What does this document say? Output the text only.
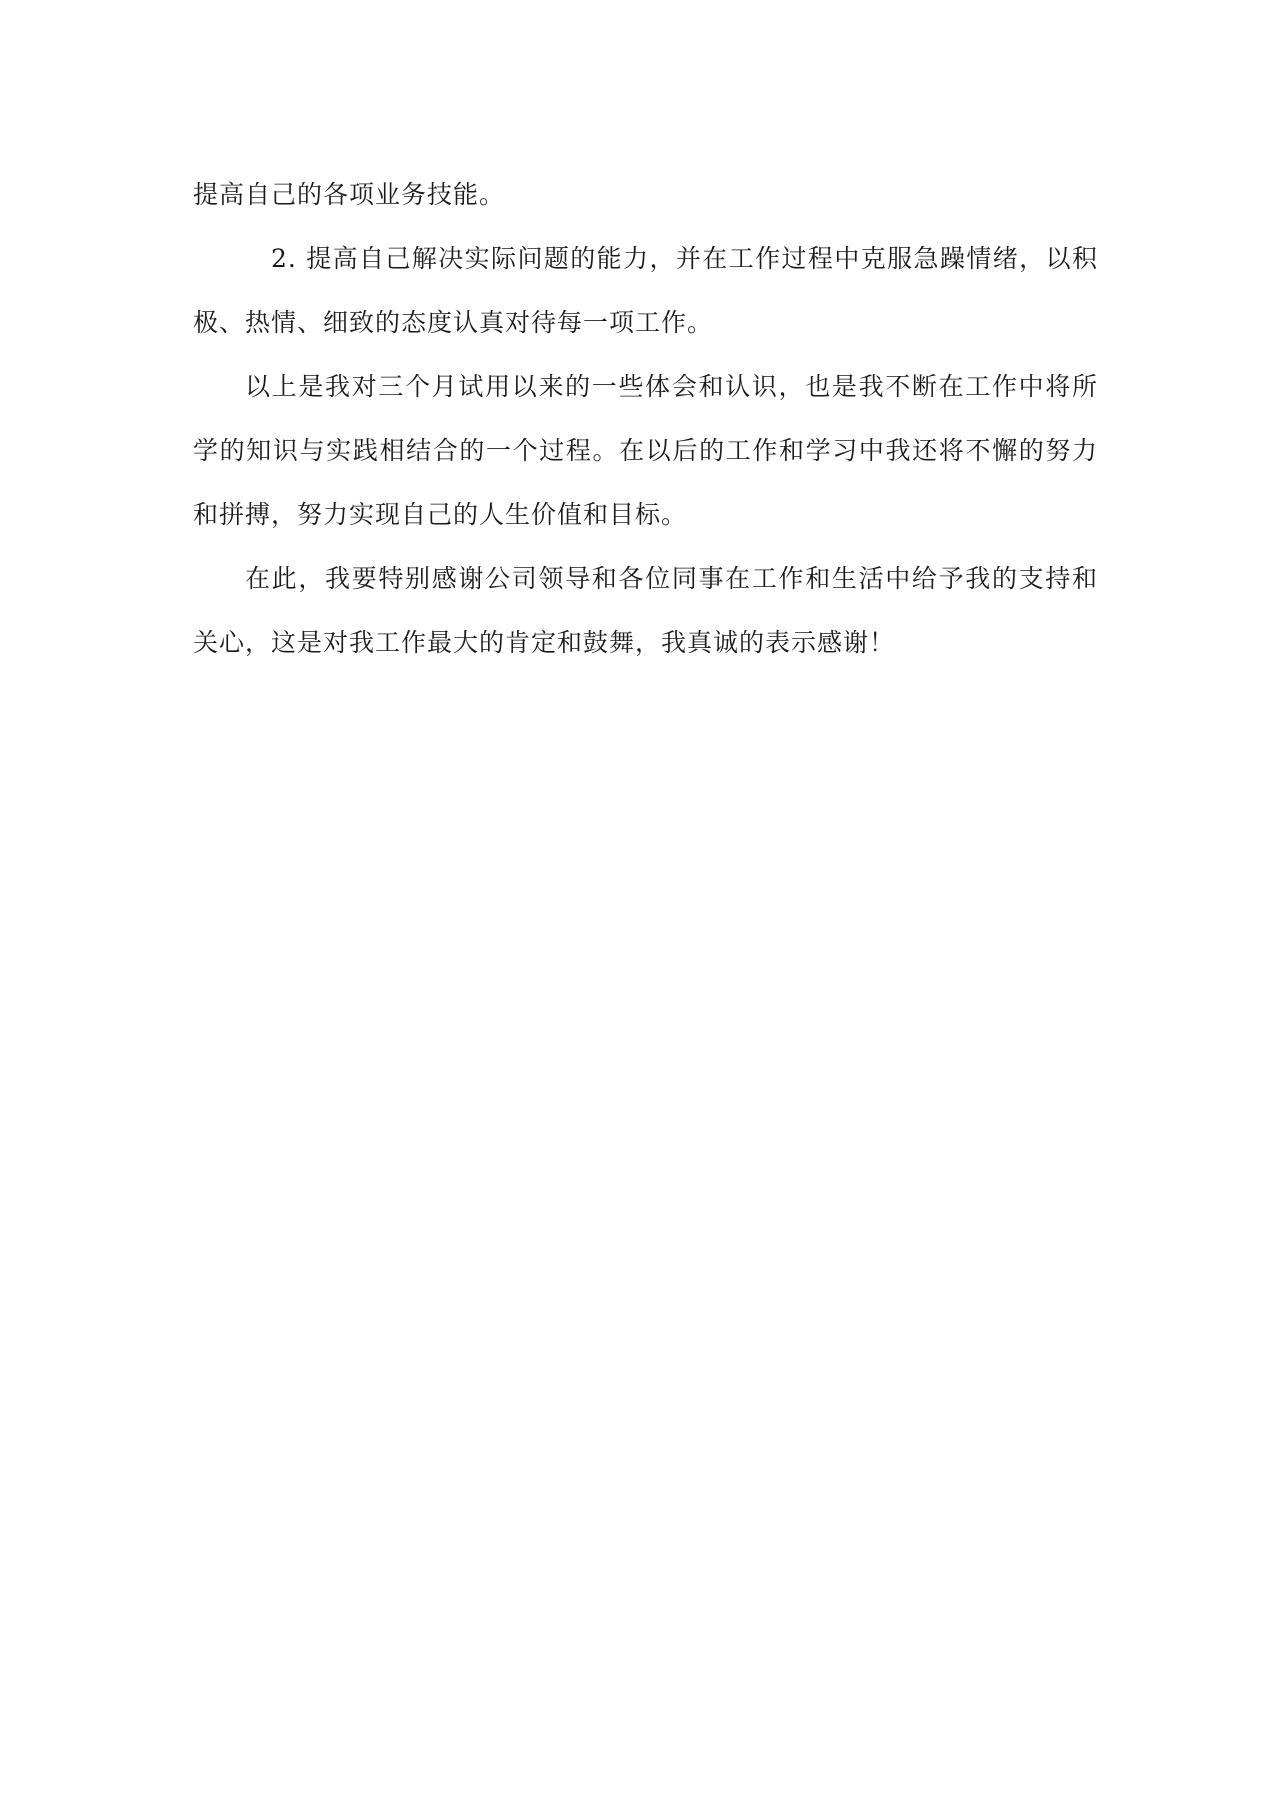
提高自己的各项业务技能。

2. 提高自己解决实际问题的能力，并在工作过程中克服急躁情绪，以积极、热情、细致的态度认真对待每一项工作。

以上是我对三个月试用以来的一些体会和认识，也是我不断在工作中将所学的知识与实践相结合的一个过程。在以后的工作和学习中我还将不懈的努力和拼搏，努力实现自己的人生价值和目标。

在此，我要特别感谢公司领导和各位同事在工作和生活中给予我的支持和关心，这是对我工作最大的肯定和鼓舞，我真诚的表示感谢！
